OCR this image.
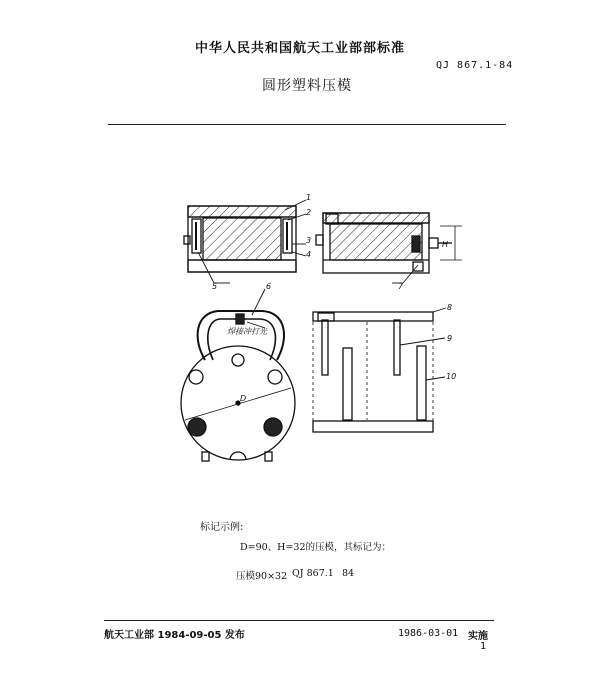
中华人民共和国航天工业部部标准
QJ 867.1-84
圆形塑料压模
1
2
3
4
5	6	7
8
9
10
H
D
焊接冲打光
标记示例:
D=90、H=32的压模，其标记为：
压模90×32 QJ 867.1 84
航天工业部 1984-09-05 发布	1986-03-01 实施
1
